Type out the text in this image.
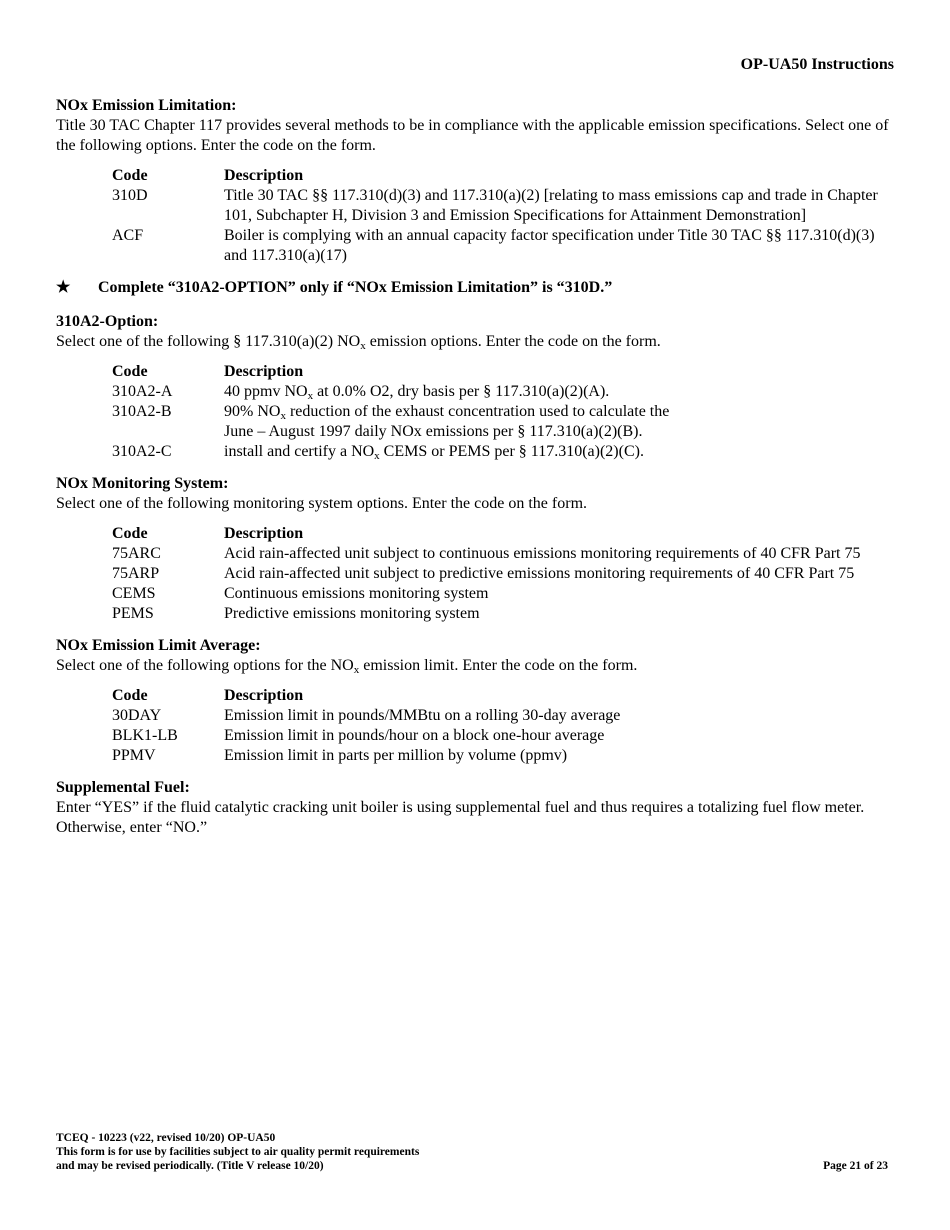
OP-UA50 Instructions
NOx Emission Limitation:
Title 30 TAC Chapter 117 provides several methods to be in compliance with the applicable emission specifications. Select one of the following options. Enter the code on the form.
Code	Description
310D	Title 30 TAC §§ 117.310(d)(3) and 117.310(a)(2) [relating to mass emissions cap and trade in Chapter 101, Subchapter H, Division 3 and Emission Specifications for Attainment Demonstration]
ACF	Boiler is complying with an annual capacity factor specification under Title 30 TAC §§ 117.310(d)(3) and 117.310(a)(17)
★ Complete “310A2-OPTION” only if “NOx Emission Limitation” is “310D.”
310A2-Option:
Select one of the following § 117.310(a)(2) $NO_x$ emission options. Enter the code on the form.
Code	Description
310A2-A	40 ppmv $NO_x$ at 0.0% O2, dry basis per § 117.310(a)(2)(A).
310A2-B	90% $NO_x$ reduction of the exhaust concentration used to calculate the
June – August 1997 daily NOx emissions per § 117.310(a)(2)(B).
310A2-C	install and certify a $NO_x$ CEMS or PEMS per § 117.310(a)(2)(C).
NOx Monitoring System:
Select one of the following monitoring system options. Enter the code on the form.
Code	Description
75ARC	Acid rain-affected unit subject to continuous emissions monitoring requirements of 40 CFR Part 75
75ARP	Acid rain-affected unit subject to predictive emissions monitoring requirements of 40 CFR Part 75
CEMS	Continuous emissions monitoring system
PEMS	Predictive emissions monitoring system
NOx Emission Limit Average:
Select one of the following options for the $NO_x$ emission limit. Enter the code on the form.
Code	Description
30DAY	Emission limit in pounds/MMBtu on a rolling 30-day average
BLK1-LB	Emission limit in pounds/hour on a block one-hour average
PPMV	Emission limit in parts per million by volume (ppmv)
Supplemental Fuel:
Enter “YES” if the fluid catalytic cracking unit boiler is using supplemental fuel and thus requires a totalizing fuel flow meter. Otherwise, enter “NO.”
TCEQ - 10223 (v22, revised 10/20) OP-UA50
This form is for use by facilities subject to air quality permit requirements
and may be revised periodically. (Title V release 10/20)	Page 21 of 23
